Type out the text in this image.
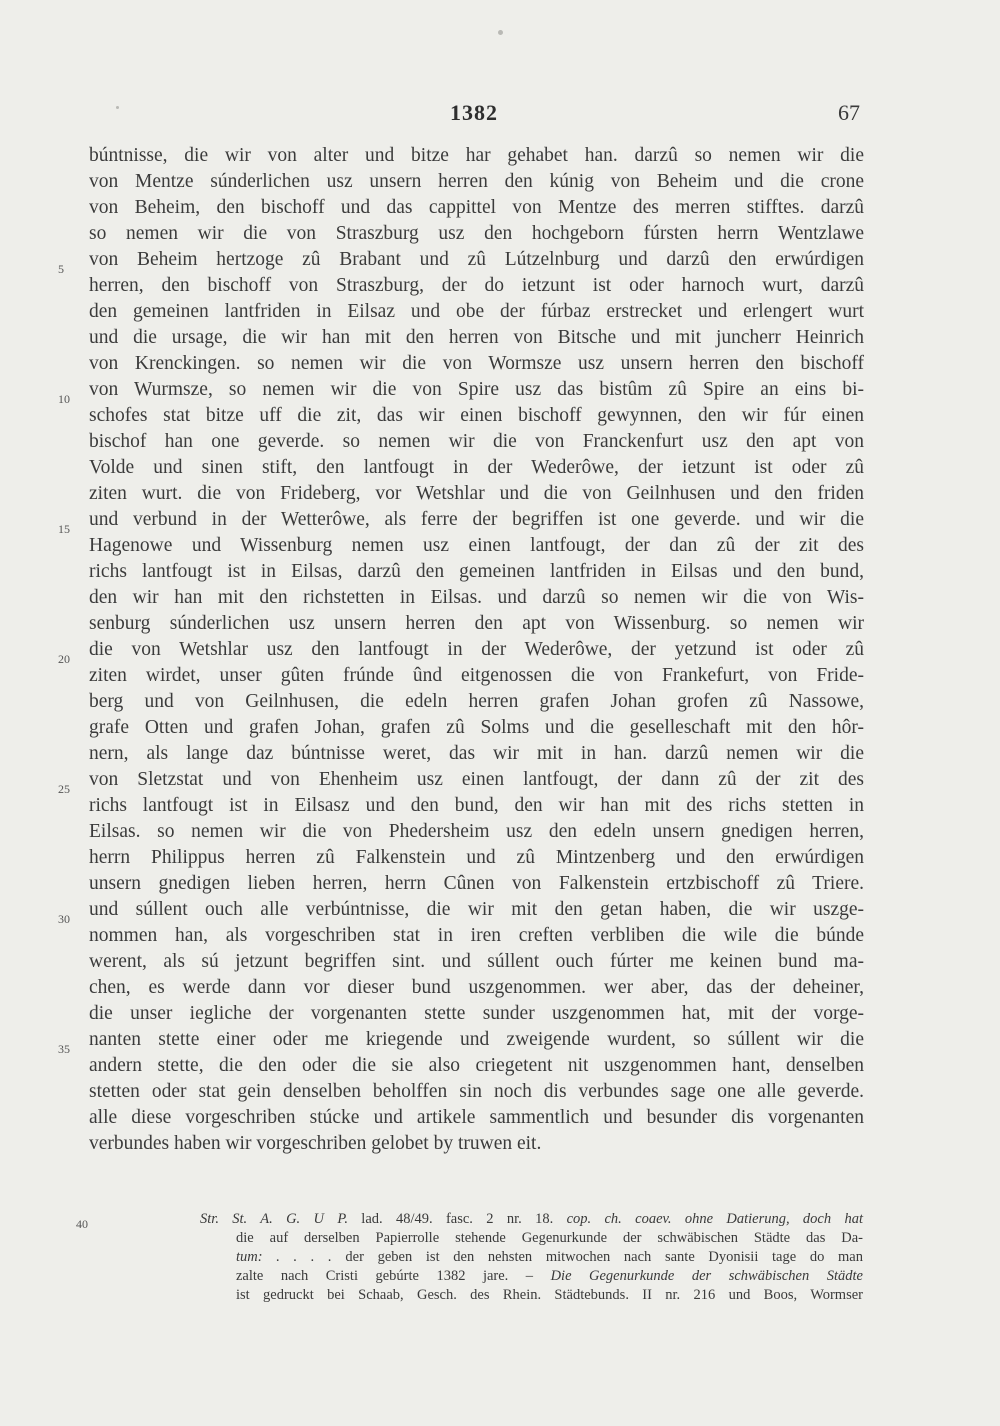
1382	67
búntnisse, die wir von alter und bitze har gehabet han. darzû so nemen wir die
von Mentze súnderlichen usz unsern herren den kúnig von Beheim und die crone
von Beheim, den bischoff und das cappittel von Mentze des merren stifftes. darzû
so nemen wir die von Straszburg usz den hochgeborn fúrsten herrn Wentzlawe
von Beheim hertzoge zû Brabant und zû Lútzelnburg und darzû den erwúrdigen
herren, den bischoff von Straszburg, der do ietzunt ist oder harnoch wurt, darzû
den gemeinen lantfriden in Eilsaz und obe der fúrbaz erstrecket und erlengert wurt
und die ursage, die wir han mit den herren von Bitsche und mit juncherr Heinrich
von Krenckingen. so nemen wir die von Wormsze usz unsern herren den bischoff
von Wurmsze, so nemen wir die von Spire usz das bistûm zû Spire an eins bi-
schofes stat bitze uff die zit, das wir einen bischoff gewynnen, den wir fúr einen
bischof han one geverde. so nemen wir die von Franckenfurt usz den apt von
Volde und sinen stift, den lantfougt in der Wederôwe, der ietzunt ist oder zû
ziten wurt. die von Frideberg, vor Wetshlar und die von Geilnhusen und den friden
und verbund in der Wetterôwe, als ferre der begriffen ist one geverde. und wir die
Hagenowe und Wissenburg nemen usz einen lantfougt, der dan zû der zit des
richs lantfougt ist in Eilsas, darzû den gemeinen lantfriden in Eilsas und den bund,
den wir han mit den richstetten in Eilsas. und darzû so nemen wir die von Wis-
senburg súnderlichen usz unsern herren den apt von Wissenburg. so nemen wir
die von Wetshlar usz den lantfougt in der Wederôwe, der yetzund ist oder zû
ziten wirdet, unser gûten frúnde ûnd eitgenossen die von Frankefurt, von Fride-
berg und von Geilnhusen, die edeln herren grafen Johan grofen zû Nassowe,
grafe Otten und grafen Johan, grafen zû Solms und die geselleschaft mit den hôr-
nern, als lange daz búntnisse weret, das wir mit in han. darzû nemen wir die
von Sletzstat und von Ehenheim usz einen lantfougt, der dann zû der zit des
richs lantfougt ist in Eilsasz und den bund, den wir han mit des richs stetten in
Eilsas. so nemen wir die von Phedersheim usz den edeln unsern gnedigen herren,
herrn Philippus herren zû Falkenstein und zû Mintzenberg und den erwúrdigen
unsern gnedigen lieben herren, herrn Cûnen von Falkenstein ertzbischoff zû Triere.
und súllent ouch alle verbúntnisse, die wir mit den getan haben, die wir uszge-
nommen han, als vorgeschriben stat in iren creften verbliben die wile die búnde
werent, als sú jetzunt begriffen sint. und súllent ouch fúrter me keinen bund ma-
chen, es werde dann vor dieser bund uszgenommen. wer aber, das der deheiner,
die unser iegliche der vorgenanten stette sunder uszgenommen hat, mit der vorge-
nanten stette einer oder me kriegende und zweigende wurdent, so súllent wir die
andern stette, die den oder die sie also criegetent nit uszgenommen hant, denselben
stetten oder stat gein denselben beholffen sin noch dis verbundes sage one alle geverde.
alle diese vorgeschriben stúcke und artikele sammentlich und besunder dis vorgenanten
verbundes haben wir vorgeschriben gelobet by truwen eit.
5
10
15
20
25
30
35
40	Str. St. A. G. U P. lad. 48/49. fasc. 2 nr. 18. cop. ch. coaev. ohne Datierung, doch hat
die auf derselben Papierrolle stehende Gegenurkunde der schwäbischen Städte das Da-
tum: . . . . der geben ist den nehsten mitwochen nach sante Dyonisii tage do man
zalte nach Cristi gebúrte 1382 jare. – Die Gegenurkunde der schwäbischen Städte
ist gedruckt bei Schaab, Gesch. des Rhein. Städtebunds. II nr. 216 und Boos, Wormser
